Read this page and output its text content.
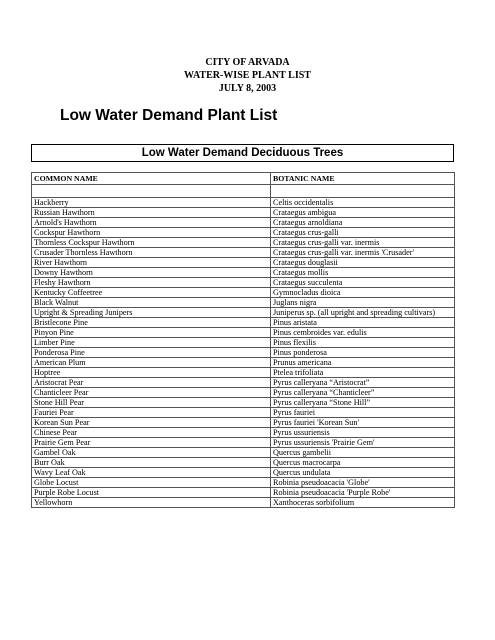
CITY OF ARVADA
WATER-WISE PLANT LIST
JULY 8, 2003
Low Water Demand Plant List
Low Water Demand Deciduous Trees
COMMON NAME	BOTANIC NAME

Hackberry	Celtis occidentalis
Russian Hawthorn	Crataegus ambigua
Arnold's Hawthorn	Crataegus arnoldiana
Cockspur Hawthorn	Crataegus crus-galli
Thornless Cockspur Hawthorn	Crataegus crus-galli var. inermis
Crusader Thornless Hawthorn	Crataegus crus-galli var. inermis 'Crusader'
River Hawthorn	Crataegus douglasii
Downy Hawthorn	Crataegus mollis
Fleshy Hawthorn	Crataegus succulenta
Kentucky Coffeetree	Gymnocladus dioica
Black Walnut	Juglans nigra
Upright & Spreading Junipers	Juniperus sp. (all upright and spreading cultivars)
Bristlecone Pine	Pinus aristata
Pinyon Pine	Pinus cembroides var. edulis
Limber Pine	Pinus flexilis
Ponderosa Pine	Pinus ponderosa
American Plum	Prunus americana
Hoptree	Ptelea trifoliata
Aristocrat Pear	Pyrus calleryana “Aristocrat”
Chanticleer Pear	Pyrus calleryana “Chanticleer”
Stone Hill Pear	Pyrus calleryana “Stone Hill”
Fauriei Pear	Pyrus fauriei
Korean Sun Pear	Pyrus fauriei 'Korean Sun'
Chinese Pear	Pyrus ussuriensis
Prairie Gem Pear	Pyrus ussuriensis 'Prairie Gem'
Gambel Oak	Quercus gambelii
Burr Oak	Quercus macrocarpa
Wavy Leaf Oak	Quercus undulata
Globe Locust	Robinia pseudoacacia 'Globe'
Purple Robe Locust	Robinia pseudoacacia 'Purple Robe'
Yellowhorn	Xanthoceras sorbifolium
